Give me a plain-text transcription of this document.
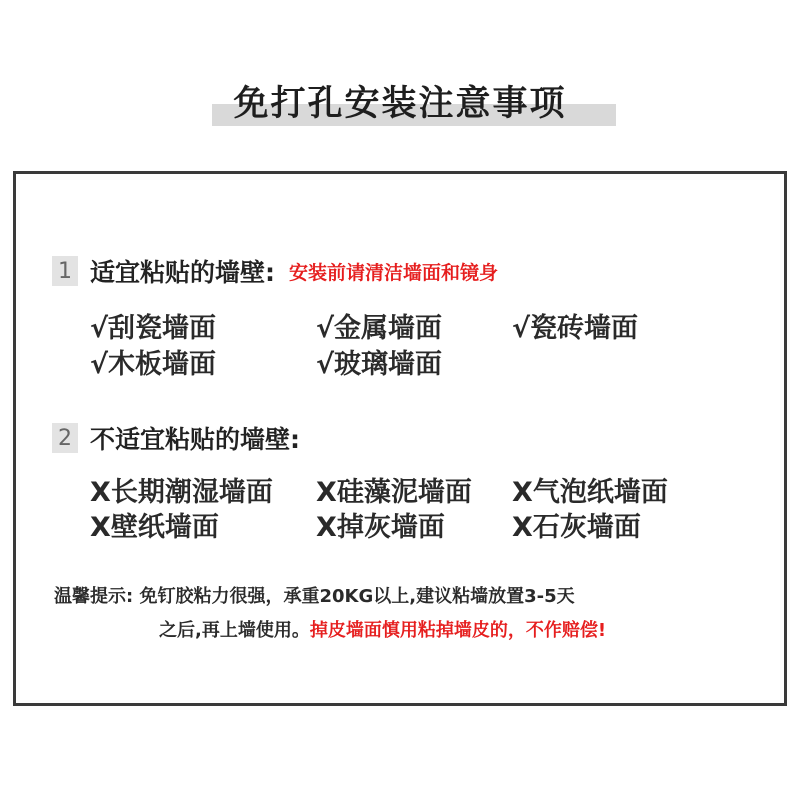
免打孔安装注意事项
1 适宜粘贴的墙壁: 安装前请清洁墙面和镜身
√刮瓷墙面	√金属墙面	√瓷砖墙面
√木板墙面	√玻璃墙面
2 不适宜粘贴的墙壁:
X长期潮湿墙面 X硅藻泥墙面 X气泡纸墙面
X壁纸墙面	X掉灰墙面 X石灰墙面
温馨提示: 免钉胶粘力很强，承重20KG以上,建议粘墙放置3-5天
之后,再上墙使用。掉皮墙面慎用粘掉墙皮的，不作赔偿!
